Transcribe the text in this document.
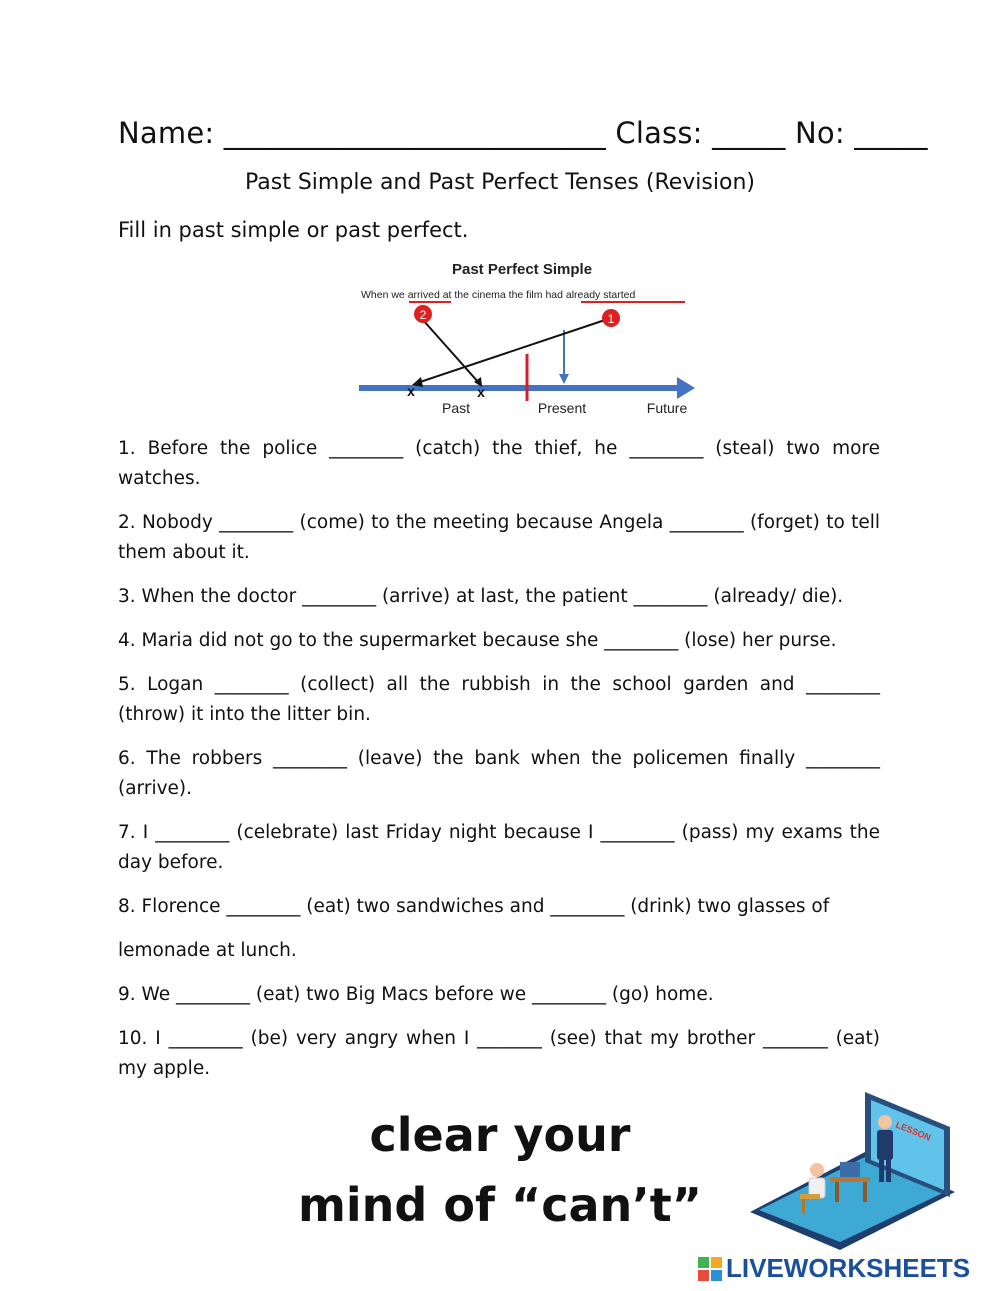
Name: __________________________ Class: _____ No: _____
Past Simple and Past Perfect Tenses (Revision)
Fill in past simple or past perfect.
Past Perfect Simple
When we arrived at the cinema the film had already started
2	1
x	x
Past	Present	Future
1. Before the police ________ (catch) the thief, he ________ (steal) two more watches.
2. Nobody ________ (come) to the meeting because Angela ________ (forget) to tell them about it.
3. When the doctor ________ (arrive) at last, the patient ________ (already/ die).
4. Maria did not go to the supermarket because she ________ (lose) her purse.
5. Logan ________ (collect) all the rubbish in the school garden and ________ (throw) it into the litter bin.
6. The robbers ________ (leave) the bank when the policemen finally ________ (arrive).
7. I ________ (celebrate) last Friday night because I ________ (pass) my exams the day before.
8. Florence ________ (eat) two sandwiches and ________ (drink) two glasses of
lemonade at lunch.
9. We ________ (eat) two Big Macs before we ________ (go) home.
10. I ________ (be) very angry when I _______ (see) that my brother _______ (eat) my apple.
clear your
mind of “can’t”
LESSON
LIVEWORKSHEETS
